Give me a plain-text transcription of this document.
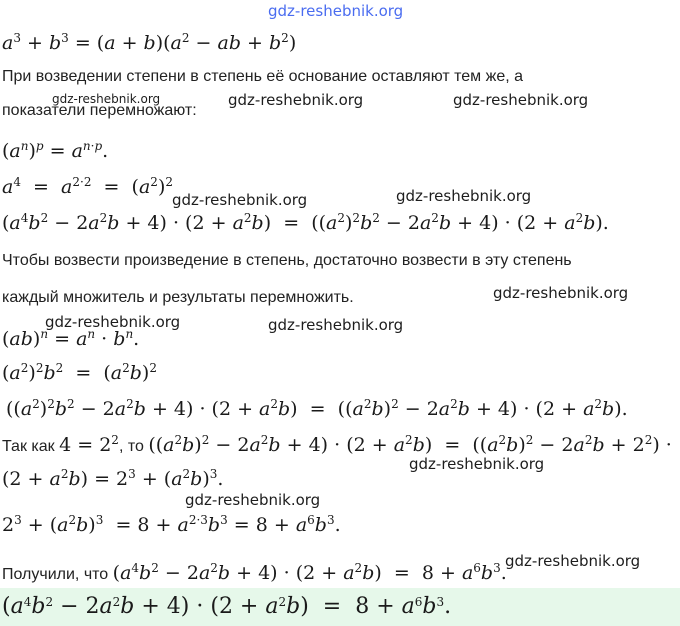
gdz-reshebnik.org
gdz-reshebnik.org	gdz-reshebnik.org	gdz-reshebnik.org
gdz-reshebnik.org	gdz-reshebnik.org
gdz-reshebnik.org
gdz-reshebnik.org	gdz-reshebnik.org
gdz-reshebnik.org
gdz-reshebnik.org
gdz-reshebnik.org
$a^3 + b^3 = (a + b)(a^2$ − ab + $b^2$)
При возведении степени в степень её основание оставляют тем же, а
показатели перемножают:
$(a^n)^p = a^{n\cdot p}$.
$a^4 = a^{2\cdot 2} = (a^2)^2$
$(a^4b^2 - 2a^2b + 4) \cdot (2 + a^2b) = ((a^2)^2b^2 - 2a^2b + 4) \cdot (2 + a^2b)$.
Чтобы возвести произведение в степень, достаточно возвести в эту степень
каждый множитель и результаты перемножить.
$(ab)^n = a^n \cdot b^n$.
$(a^2)^2b^2 = (a^2b)^2$
$((a^2)^2b^2 - 2a^2b + 4) \cdot (2 + a^2b) = ((a^2b)^2 - 2a^2b + 4) \cdot (2 + a^2b)$.
Так как $4 = 2^2$, то $((a^2b)^2 - 2a^2b + 4) \cdot (2 + a^2b) = ((a^2b)^2 - 2a^2b + 2^2)$ ·
$(2 + a^2b) = 2^3 + (a^2b)^3$.
$2^3 + (a^2b)^3 = 8 + a^{2\cdot 3}b^3 = 8 + a^6b^3$.
Получили, что $(a^4b^2 - 2a^2b + 4) \cdot (2 + a^2b) = 8 + a^6b^3$.
$(a^4b^2 - 2a^2b + 4) \cdot (2 + a^2b) = 8 + a^6b^3$.
